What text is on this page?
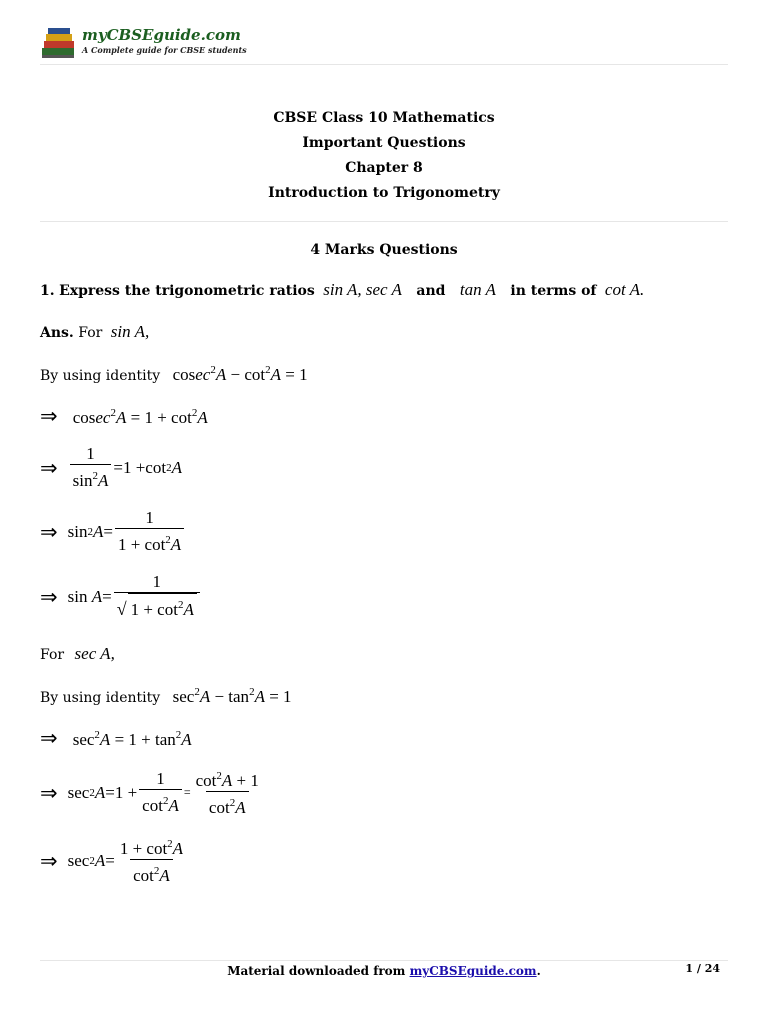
myCBSEguide.com
A Complete guide for CBSE students
CBSE Class 10 Mathematics
Important Questions
Chapter 8
Introduction to Trigonometry
4 Marks Questions
1. Express the trigonometric ratios sin A, sec A and tan A in terms of cot A.
Ans. For sin A,
By using identity $cosec^2A - \cot^2A = 1$
⇒ $cosec^2A = 1 + \cot^2A$
⇒ $\frac{1}{\sin^2A} = 1 + \cot 2$ A
⇒ sin 2 $A = \frac{1}{1 + \cot^2A}$
⇒ sin
$A = \frac{1}{√ 1 + \cot^2A}$
For sec A,
By using identity $\sec^2A - \tan^2A = 1$
⇒ $\sec^2A = 1 + \tan^2A$
⇒ sec 2 $A = 1 + \frac{1}{\cot^2A} = \frac{\cot^2A + 1}{\cot^2A}$
⇒ sec 2 $A = \frac{1 + \cot^2A}{\cot^2A}$
Material downloaded from myCBSEguide.com.	1 / 24
